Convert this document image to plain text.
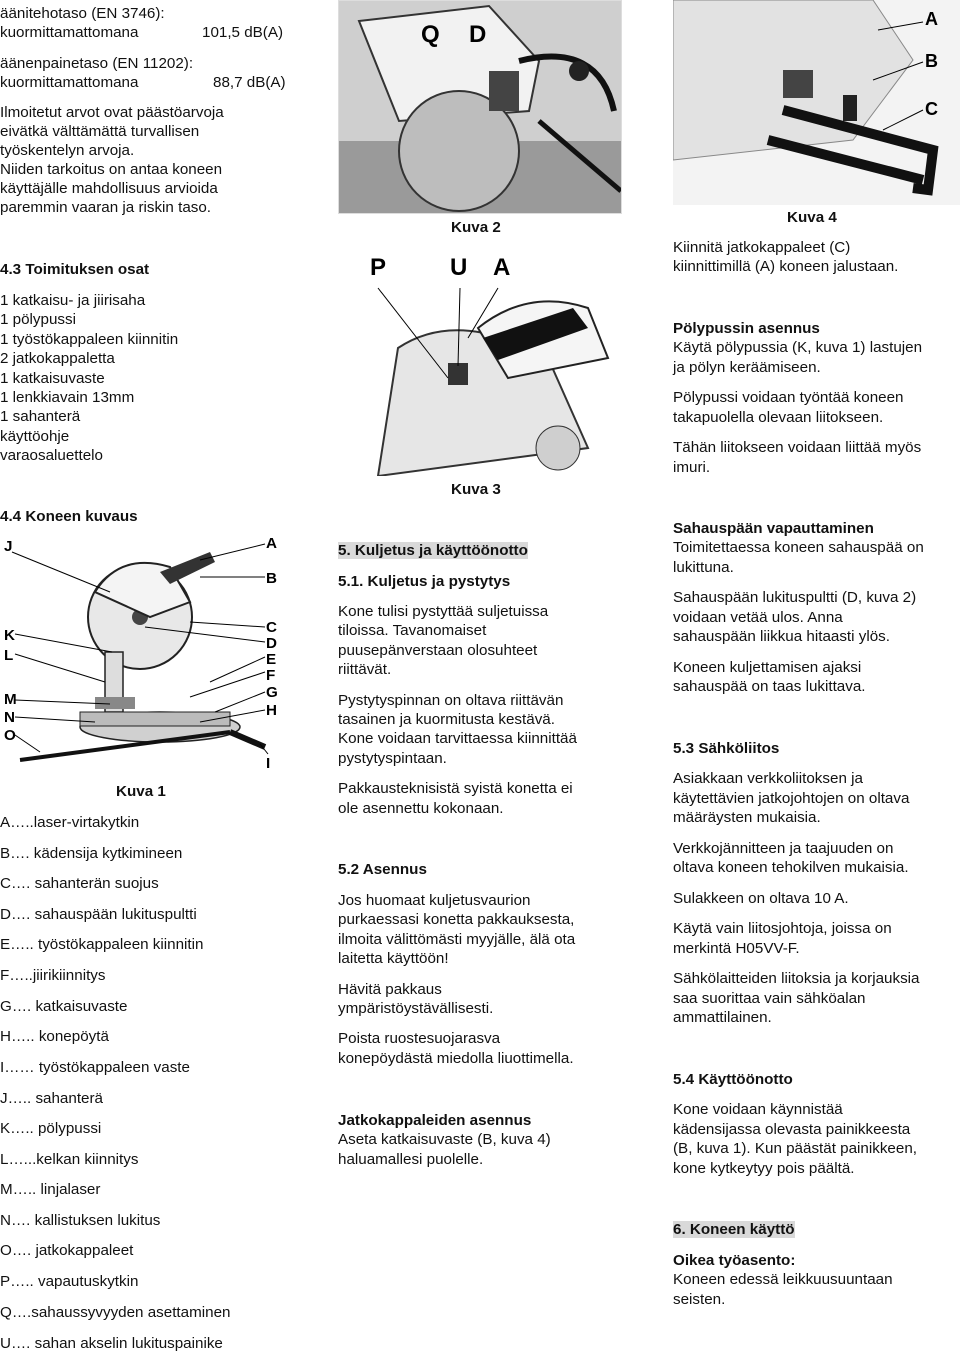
äänitehotaso (EN 3746):
kuormittamattomana	101,5 dB(A)
äänenpainetaso (EN 11202):
kuormittamattomana	88,7 dB(A)
Ilmoitetut arvot ovat päästöarvoja
eivätkä välttämättä turvallisen
työskentelyn arvoja.
Niiden tarkoitus on antaa koneen
käyttäjälle mahdollisuus arvioida
paremmin vaaran ja riskin taso.
4.3 Toimituksen osat
1 katkaisu- ja jiirisaha
1 pölypussi
1 työstökappaleen kiinnitin
2 jatkokappaletta
1 katkaisuvaste
1 lenkkiavain 13mm
1 sahanterä
käyttöohje
varaosaluettelo
4.4 Koneen kuvaus
J
K
L
M
N
O
A
B
C
D
E
F
G
H
I
Kuva 1
A…..laser-virtakytkin
B…. kädensija kytkimineen
C…. sahanterän suojus
D…. sahauspään lukituspultti
E….. työstökappaleen kiinnitin
F…..jiirikiinnitys
G…. katkaisuvaste
H….. konepöytä
I…… työstökappaleen vaste
J….. sahanterä
K….. pölypussi
L…...kelkan kiinnitys
M….. linjalaser
N…. kallistuksen lukitus
O…. jatkokappaleet
P….. vapautuskytkin
Q….sahaussyvyyden asettaminen
U…. sahan akselin lukituspainike
Q D
Kuva 2
P	U A
Kuva 3
5. Kuljetus ja käyttöönotto
5.1. Kuljetus ja pystytys
Kone tulisi pystyttää suljetuissa
tiloissa. Tavanomaiset
puusepänverstaan olosuhteet
riittävät.
Pystytyspinnan on oltava riittävän
tasainen ja kuormitusta kestävä.
Kone voidaan tarvittaessa kiinnittää
pystytyspintaan.
Pakkausteknisistä syistä konetta ei
ole asennettu kokonaan.
5.2 Asennus
Jos huomaat kuljetusvaurion
purkaessasi konetta pakkauksesta,
ilmoita välittömästi myyjälle, älä ota
laitetta käyttöön!
Hävitä pakkaus
ympäristöystävällisesti.
Poista ruostesuojarasva
konepöydästä miedolla liuottimella.
Jatkokappaleiden asennus
Aseta katkaisuvaste (B, kuva 4)
haluamallesi puolelle.
A
B
C
Kuva 4
Kiinnitä jatkokappaleet (C)
kiinnittimillä (A) koneen jalustaan.
Pölypussin asennus
Käytä pölypussia (K, kuva 1) lastujen
ja pölyn keräämiseen.
Pölypussi voidaan työntää koneen
takapuolella olevaan liitokseen.
Tähän liitokseen voidaan liittää myös
imuri.
Sahauspään vapauttaminen
Toimitettaessa koneen sahauspää on
lukittuna.
Sahauspään lukituspultti (D, kuva 2)
voidaan vetää ulos. Anna
sahauspään liikkua hitaasti ylös.
Koneen kuljettamisen ajaksi
sahauspää on taas lukittava.
5.3 Sähköliitos
Asiakkaan verkkoliitoksen ja
käytettävien jatkojohtojen on oltava
määräysten mukaisia.
Verkkojännitteen ja taajuuden on
oltava koneen tehokilven mukaisia.
Sulakkeen on oltava 10 A.
Käytä vain liitosjohtoja, joissa on
merkintä H05VV-F.
Sähkölaitteiden liitoksia ja korjauksia
saa suorittaa vain sähköalan
ammattilainen.
5.4 Käyttöönotto
Kone voidaan käynnistää
kädensijassa olevasta painikkeesta
(B, kuva 1). Kun päästät painikkeen,
kone kytkeytyy pois päältä.
6. Koneen käyttö
Oikea työasento:
Koneen edessä leikkuusuuntaan
seisten.
